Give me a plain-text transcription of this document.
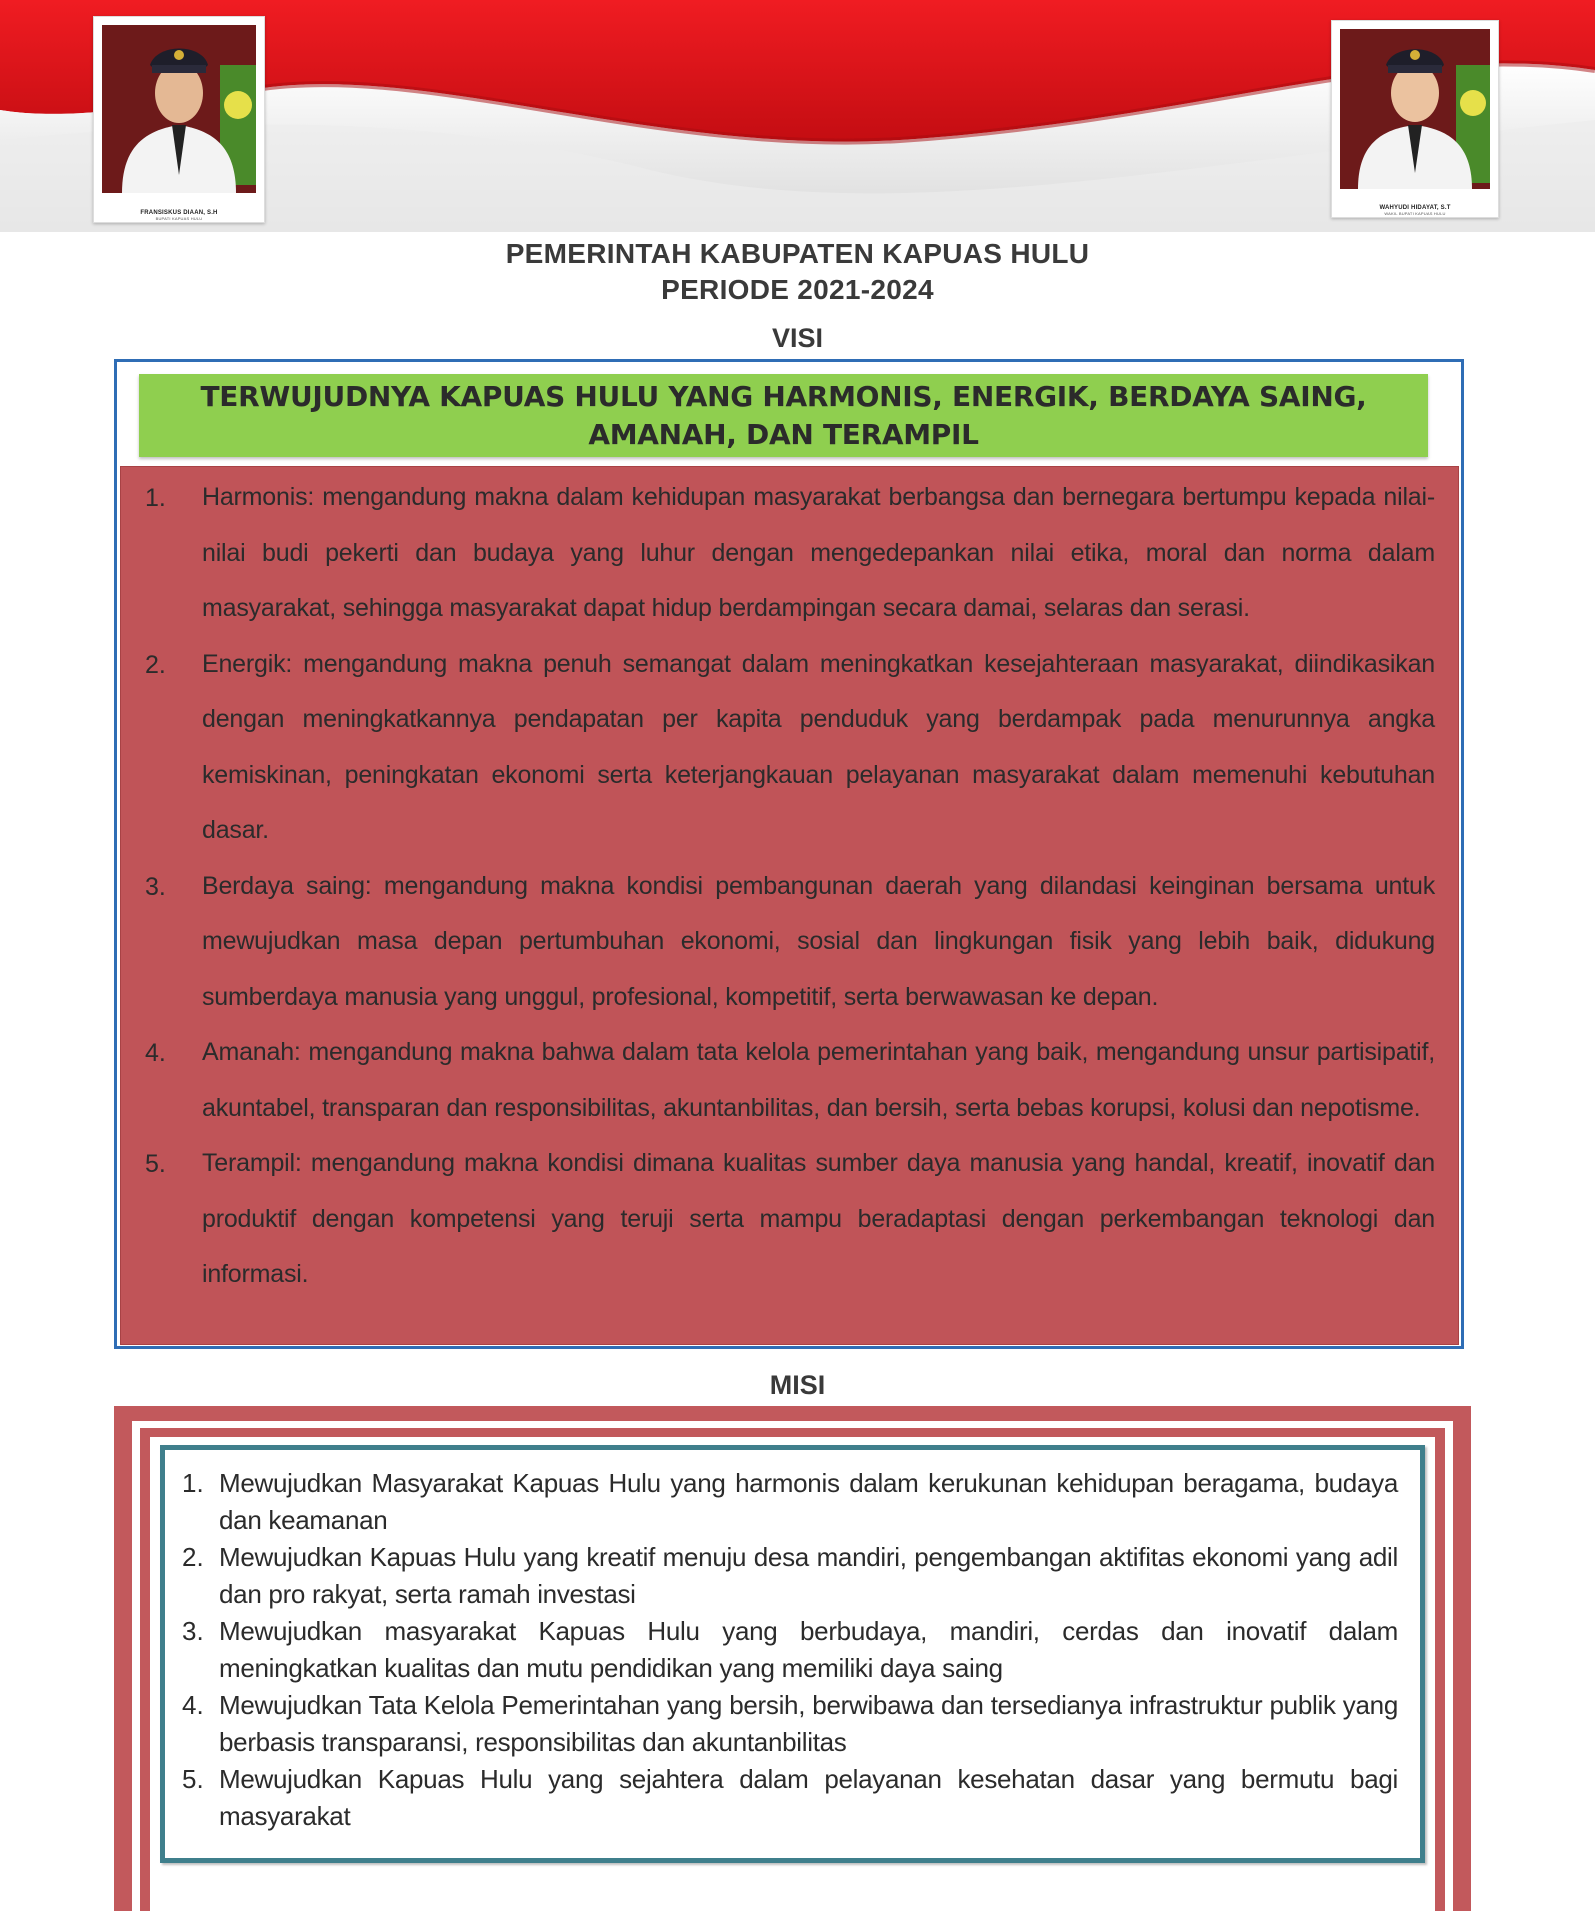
FRANSISKUS DIAAN, S.H
BUPATI KAPUAS HULU
WAHYUDI HIDAYAT, S.T
WAKIL BUPATI KAPUAS HULU
PEMERINTAH KABUPATEN KAPUAS HULU
PERIODE 2021-2024
VISI
TERWUJUDNYA KAPUAS HULU YANG HARMONIS, ENERGIK, BERDAYA SAING, AMANAH, DAN TERAMPIL
1. Harmonis: mengandung makna dalam kehidupan masyarakat berbangsa dan bernegara bertumpu kepada nilai-nilai budi pekerti dan budaya yang luhur dengan mengedepankan nilai etika, moral dan norma dalam masyarakat, sehingga masyarakat dapat hidup berdampingan secara damai, selaras dan serasi.
2. Energik: mengandung makna penuh semangat dalam meningkatkan kesejahteraan masyarakat, diindikasikan dengan meningkatkannya pendapatan per kapita penduduk yang berdampak pada menurunnya angka kemiskinan, peningkatan ekonomi serta keterjangkauan pelayanan masyarakat dalam memenuhi kebutuhan dasar.
3. Berdaya saing: mengandung makna kondisi pembangunan daerah yang dilandasi keinginan bersama untuk mewujudkan masa depan pertumbuhan ekonomi, sosial dan lingkungan fisik yang lebih baik, didukung sumberdaya manusia yang unggul, profesional, kompetitif, serta berwawasan ke depan.
4. Amanah: mengandung makna bahwa dalam tata kelola pemerintahan yang baik, mengandung unsur partisipatif, akuntabel, transparan dan responsibilitas, akuntanbilitas, dan bersih, serta bebas korupsi, kolusi dan nepotisme.
5. Terampil: mengandung makna kondisi dimana kualitas sumber daya manusia yang handal, kreatif, inovatif dan produktif dengan kompetensi yang teruji serta mampu beradaptasi dengan perkembangan teknologi dan informasi.
MISI
1. Mewujudkan Masyarakat Kapuas Hulu yang harmonis dalam kerukunan kehidupan beragama, budaya dan keamanan
2. Mewujudkan Kapuas Hulu yang kreatif menuju desa mandiri, pengembangan aktifitas ekonomi yang adil dan pro rakyat, serta ramah investasi
3. Mewujudkan masyarakat Kapuas Hulu yang berbudaya, mandiri, cerdas dan inovatif dalam meningkatkan kualitas dan mutu pendidikan yang memiliki daya saing
4. Mewujudkan Tata Kelola Pemerintahan yang bersih, berwibawa dan tersedianya infrastruktur publik yang berbasis transparansi, responsibilitas dan akuntanbilitas
5. Mewujudkan Kapuas Hulu yang sejahtera dalam pelayanan kesehatan dasar yang bermutu bagi masyarakat
